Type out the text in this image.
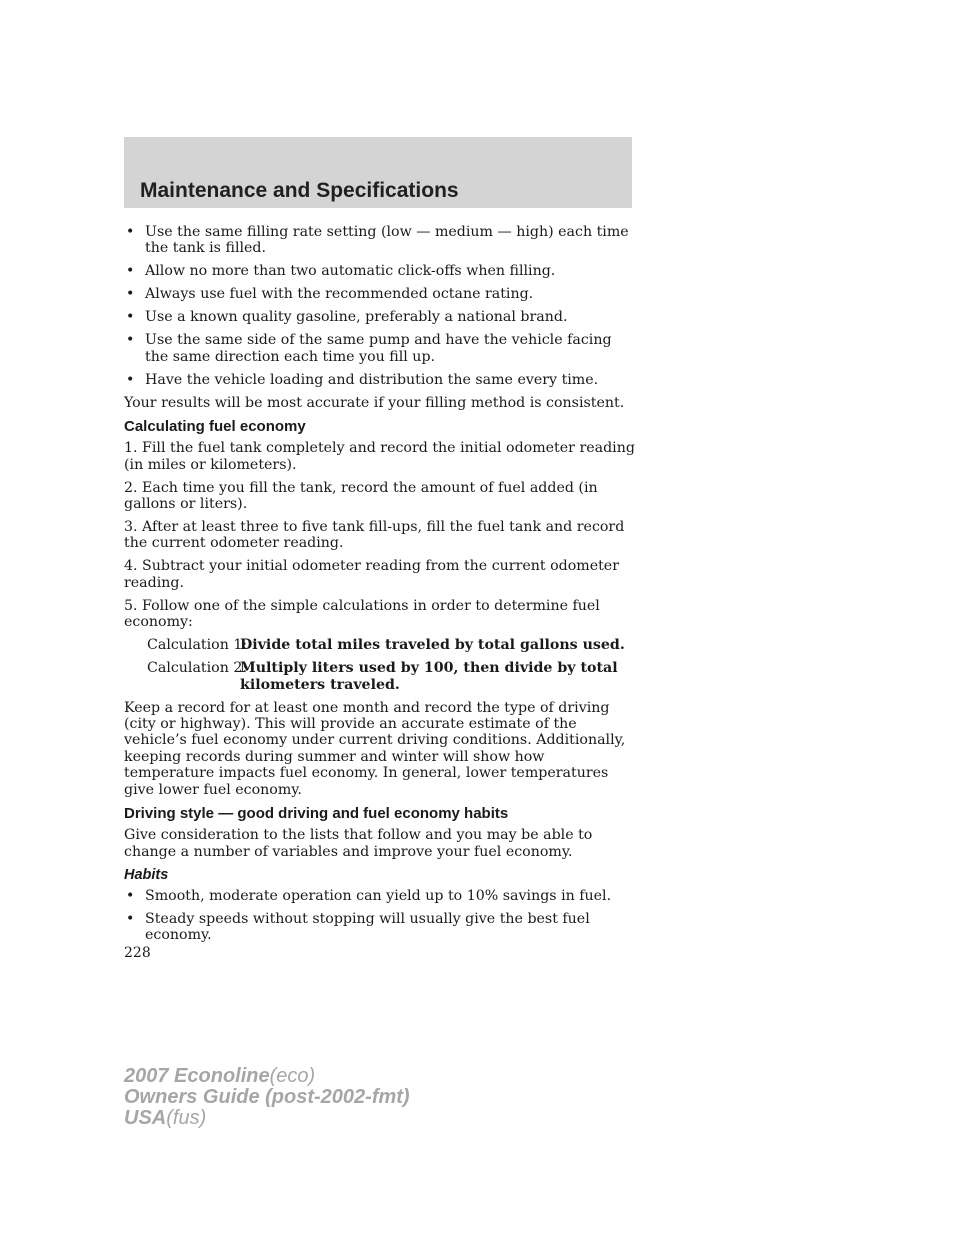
Maintenance and Specifications
• Use the same filling rate setting (low — medium — high) each time the tank is filled.
• Allow no more than two automatic click-offs when filling.
• Always use fuel with the recommended octane rating.
• Use a known quality gasoline, preferably a national brand.
• Use the same side of the same pump and have the vehicle facing the same direction each time you fill up.
• Have the vehicle loading and distribution the same every time.

Your results will be most accurate if your filling method is consistent.

Calculating fuel economy

1. Fill the fuel tank completely and record the initial odometer reading (in miles or kilometers).

2. Each time you fill the tank, record the amount of fuel added (in gallons or liters).

3. After at least three to five tank fill-ups, fill the fuel tank and record the current odometer reading.

4. Subtract your initial odometer reading from the current odometer reading.

5. Follow one of the simple calculations in order to determine fuel economy:

Calculation 1:
Divide total miles traveled by total gallons used.
Calculation 2:
Multiply liters used by 100, then divide by total kilometers traveled.

Keep a record for at least one month and record the type of driving (city or highway). This will provide an accurate estimate of the vehicle’s fuel economy under current driving conditions. Additionally, keeping records during summer and winter will show how temperature impacts fuel economy. In general, lower temperatures give lower fuel economy.

Driving style — good driving and fuel economy habits

Give consideration to the lists that follow and you may be able to change a number of variables and improve your fuel economy.

Habits
• Smooth, moderate operation can yield up to 10% savings in fuel.
• Steady speeds without stopping will usually give the best fuel economy.
228
2007 Econoline(eco)
Owners Guide (post-2002-fmt)
USA(fus)
